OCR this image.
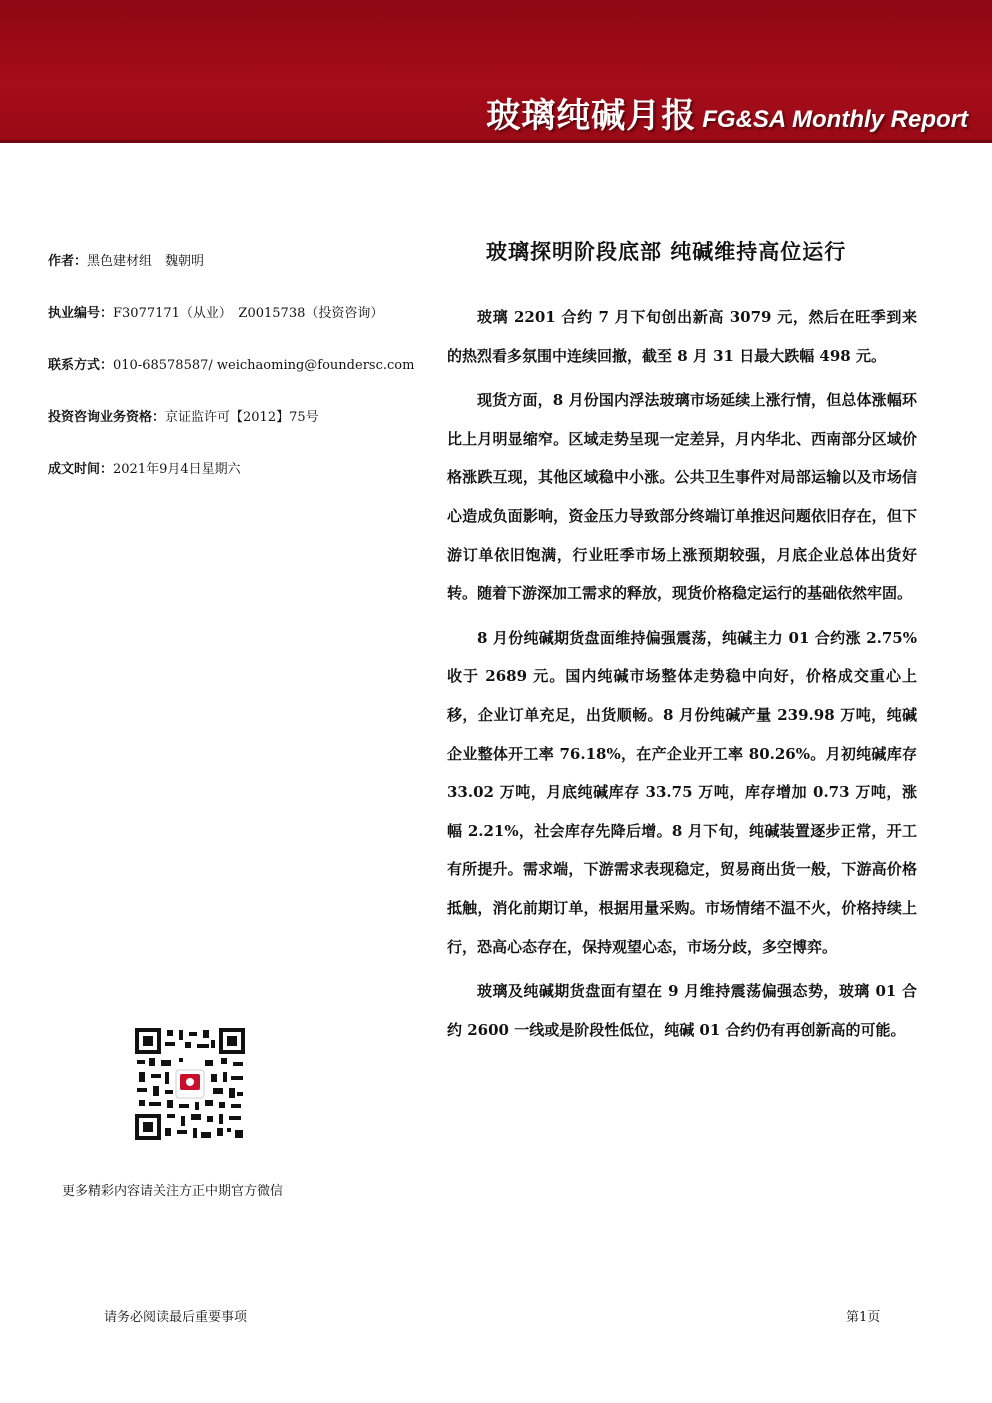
玻璃纯碱月报 FG&SA Monthly Report
作者：黑色建材组　魏朝明
执业编号：F3077171（从业）　Z0015738（投资咨询）
联系方式：010-68578587/ weichaoming@foundersc.com
投资咨询业务资格：京证监许可【2012】75号
成文时间：2021年9月4日星期六
更多精彩内容请关注方正中期官方微信
玻璃探明阶段底部 纯碱维持高位运行

玻璃 2201 合约 7 月下旬创出新高 3079 元，然后在旺季到来的热烈看多氛围中连续回撤，截至 8 月 31 日最大跌幅 498 元。

现货方面，8 月份国内浮法玻璃市场延续上涨行情，但总体涨幅环比上月明显缩窄。区域走势呈现一定差异，月内华北、西南部分区域价格涨跌互现，其他区域稳中小涨。公共卫生事件对局部运输以及市场信心造成负面影响，资金压力导致部分终端订单推迟问题依旧存在，但下游订单依旧饱满，行业旺季市场上涨预期较强，月底企业总体出货好转。随着下游深加工需求的释放，现货价格稳定运行的基础依然牢固。

8 月份纯碱期货盘面维持偏强震荡，纯碱主力 01 合约涨 2.75%收于 2689 元。国内纯碱市场整体走势稳中向好，价格成交重心上移，企业订单充足，出货顺畅。8 月份纯碱产量 239.98 万吨，纯碱企业整体开工率 76.18%，在产企业开工率 80.26%。月初纯碱库存 33.02 万吨，月底纯碱库存 33.75 万吨，库存增加 0.73 万吨，涨幅 2.21%，社会库存先降后增。8 月下旬，纯碱装置逐步正常，开工有所提升。需求端，下游需求表现稳定，贸易商出货一般，下游高价格抵触，消化前期订单，根据用量采购。市场情绪不温不火，价格持续上行，恐高心态存在，保持观望心态，市场分歧，多空博弈。

玻璃及纯碱期货盘面有望在 9 月维持震荡偏强态势，玻璃 01 合约 2600 一线或是阶段性低位，纯碱 01 合约仍有再创新高的可能。

请务必阅读最后重要事项	第1页
